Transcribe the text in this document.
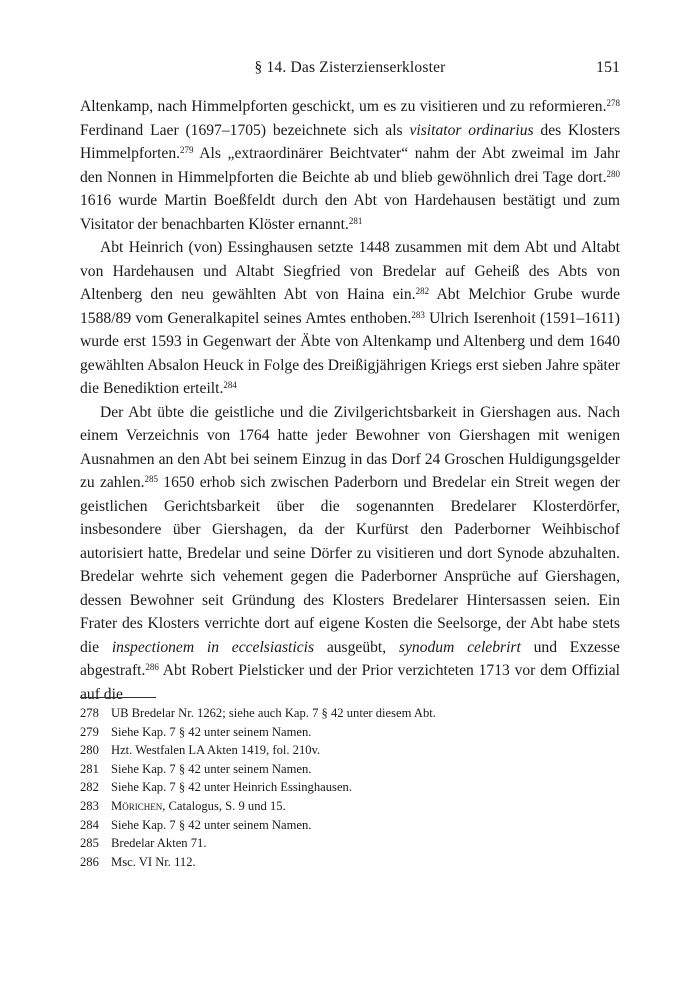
§ 14. Das Zisterzienserkloster	151

Altenkamp, nach Himmelpforten geschickt, um es zu visitieren und zu reformieren.$^{278}$ Ferdinand Laer (1697–1705) bezeichnete sich als visitator ordinarius des Klosters Himmelpforten.$^{279}$ Als „extraordinärer Beichtvater“ nahm der Abt zweimal im Jahr den Nonnen in Himmelpforten die Beichte ab und blieb gewöhnlich drei Tage dort.$^{280}$ 1616 wurde Martin Boeßfeldt durch den Abt von Hardehausen bestätigt und zum Visitator der benachbarten Klöster ernannt.$^{281}$

Abt Heinrich (von) Essinghausen setzte 1448 zusammen mit dem Abt und Altabt von Hardehausen und Altabt Siegfried von Bredelar auf Geheiß des Abts von Altenberg den neu gewählten Abt von Haina ein.$^{282}$ Abt Melchior Grube wurde 1588/89 vom Generalkapitel seines Amtes enthoben.$^{283}$ Ulrich Iserenhoit (1591–1611) wurde erst 1593 in Gegenwart der Äbte von Altenkamp und Altenberg und dem 1640 gewählten Absalon Heuck in Folge des Dreißigjährigen Kriegs erst sieben Jahre später die Benediktion erteilt.$^{284}$

Der Abt übte die geistliche und die Zivilgerichtsbarkeit in Giershagen aus. Nach einem Verzeichnis von 1764 hatte jeder Bewohner von Giershagen mit wenigen Ausnahmen an den Abt bei seinem Einzug in das Dorf 24 Groschen Huldigungsgelder zu zahlen.$^{285}$ 1650 erhob sich zwischen Paderborn und Bredelar ein Streit wegen der geistlichen Gerichtsbarkeit über die sogenannten Bredelarer Klosterdörfer, insbesondere über Giershagen, da der Kurfürst den Paderborner Weihbischof autorisiert hatte, Bredelar und seine Dörfer zu visitieren und dort Synode abzuhalten. Bredelar wehrte sich vehement gegen die Paderborner Ansprüche auf Giershagen, dessen Bewohner seit Gründung des Klosters Bredelarer Hintersassen seien. Ein Frater des Klosters verrichte dort auf eigene Kosten die Seelsorge, der Abt habe stets die inspectionem in eccelsiasticis ausgeübt, synodum celebrirt und Exzesse abgestraft.$^{286}$ Abt Robert Pielsticker und der Prior verzichteten 1713 vor dem Offizial auf die

278 UB Bredelar Nr. 1262; siehe auch Kap. 7 § 42 unter diesem Abt.
279 Siehe Kap. 7 § 42 unter seinem Namen.
280 Hzt. Westfalen LA Akten 1419, fol. 210v.
281 Siehe Kap. 7 § 42 unter seinem Namen.
282 Siehe Kap. 7 § 42 unter Heinrich Essinghausen.
283 Mörichen, Catalogus, S. 9 und 15.
284 Siehe Kap. 7 § 42 unter seinem Namen.
285 Bredelar Akten 71.
286 Msc. VI Nr. 112.
